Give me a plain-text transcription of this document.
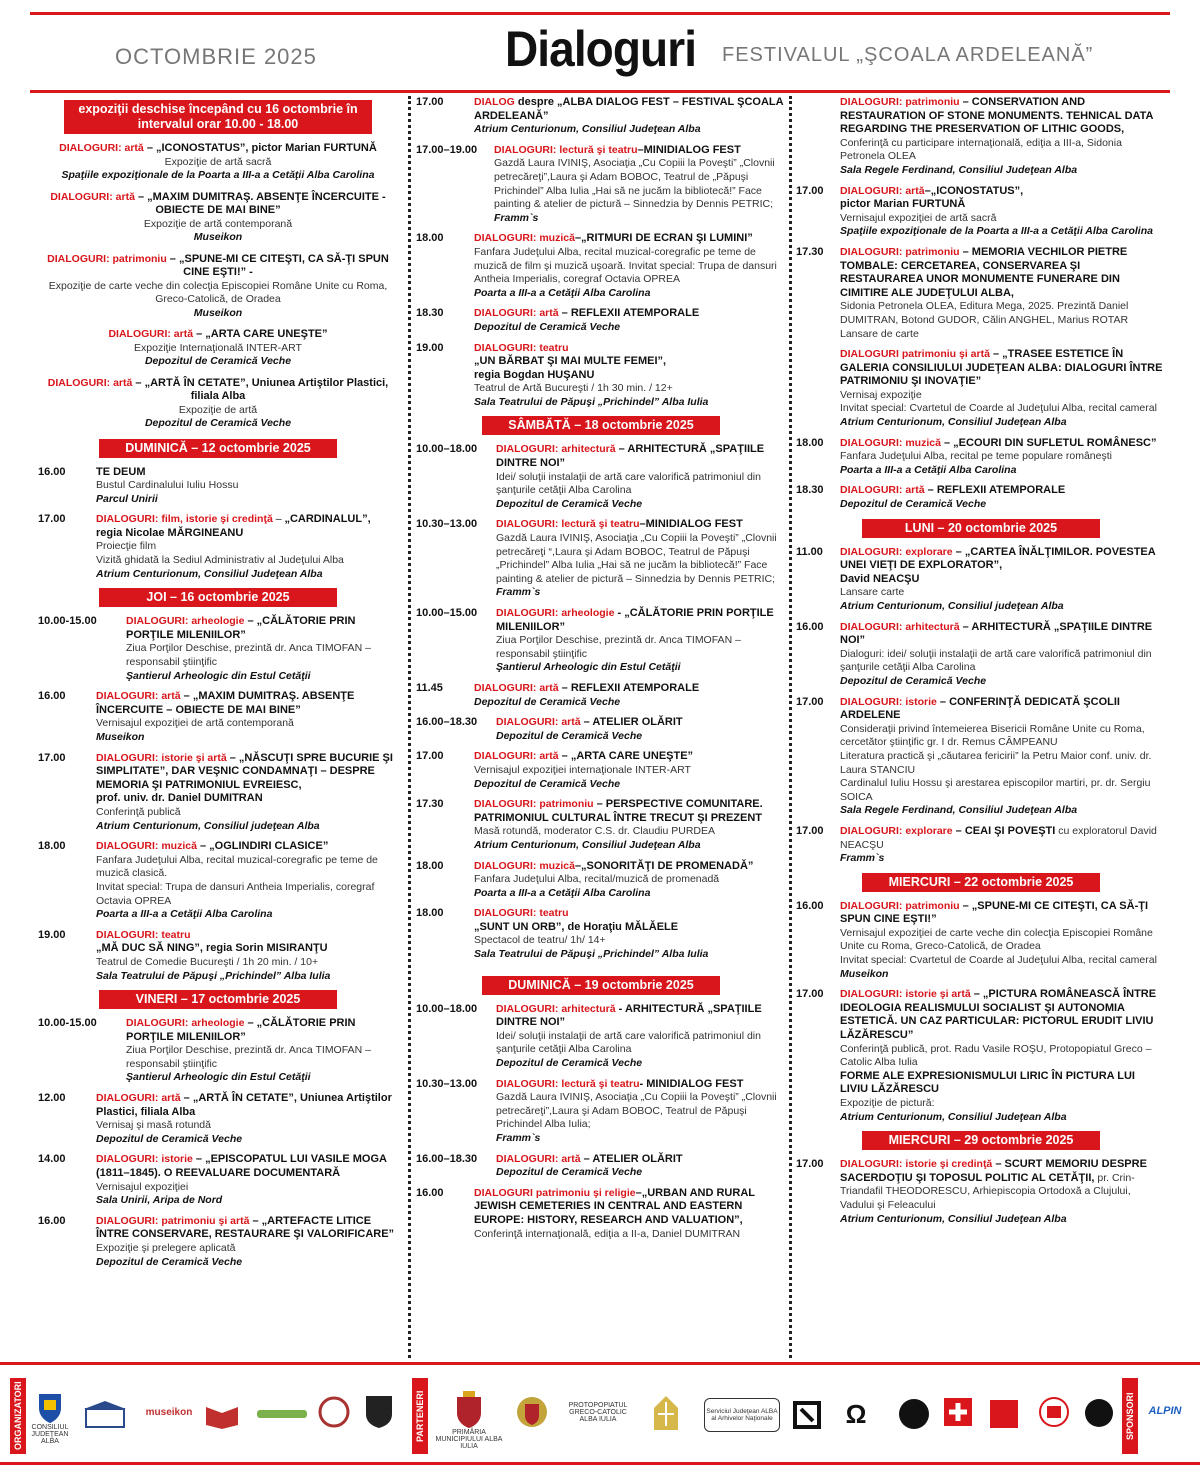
OCTOMBRIE 2025	Dialoguri FESTIVALUL „ŞCOALA ARDELEANĂ”
expoziţii deschise începând cu 16 octombrie în intervalul orar 10.00 - 18.00
DIALOGURI: artă – „ICONOSTATUS”, pictor Marian FURTUNĂ
Expoziţie de artă sacră
Spaţiile expoziţionale de la Poarta a III-a a Cetăţii Alba Carolina
DIALOGURI: artă – „MAXIM DUMITRAŞ. ABSENŢE ÎNCERCUITE - OBIECTE DE MAI BINE”
Expoziţie de artă contemporană
Museikon
DIALOGURI: patrimoniu – „SPUNE-MI CE CITEŞTI, CA SĂ-ŢI SPUN CINE EŞTI!” -
Expoziţie de carte veche din colecţia Episcopiei Române Unite cu Roma, Greco-Catolică, de Oradea
Museikon
DIALOGURI: artă – „ARTA CARE UNEŞTE”
Expoziţie Internaţională INTER-ART
Depozitul de Ceramică Veche
DIALOGURI: artă – „ARTĂ ÎN CETATE”, Uniunea Artiştilor Plastici, filiala Alba
Expoziţie de artă
Depozitul de Ceramică Veche
DUMINICĂ – 12 octombrie 2025
16.00	TE DEUM
Bustul Cardinalului Iuliu Hossu
Parcul Unirii
17.00	DIALOGURI: film, istorie şi credinţă – „CARDINALUL”, regia Nicolae MĂRGINEANU
Proiecţie film
Vizită ghidată la Sediul Administrativ al Judeţului Alba
Atrium Centurionum, Consiliul Judeţean Alba
JOI – 16 octombrie 2025
10.00-15.00	DIALOGURI: arheologie – „CĂLĂTORIE PRIN PORŢILE MILENIILOR”
Ziua Porţilor Deschise, prezintă dr. Anca TIMOFAN – responsabil ştiinţific
Şantierul Arheologic din Estul Cetăţii
16.00	DIALOGURI: artă – „MAXIM DUMITRAŞ. ABSENŢE ÎNCERCUITE – OBIECTE DE MAI BINE”
Vernisajul expoziţiei de artă contemporană
Museikon
17.00	DIALOGURI: istorie şi artă – „NĂSCUŢI SPRE BUCURIE ŞI SIMPLITATE”, DAR VEŞNIC CONDAMNAŢI – DESPRE MEMORIA ŞI PATRIMONIUL EVREIESC,
prof. univ. dr. Daniel DUMITRAN
Conferinţă publică
Atrium Centurionum, Consiliul judeţean Alba
18.00	DIALOGURI: muzică – „OGLINDIRI CLASICE”
Fanfara Judeţului Alba, recital muzical-coregrafic pe teme de muzică clasică.
Invitat special: Trupa de dansuri Antheia Imperialis, coregraf Octavia OPREA
Poarta a III-a a Cetăţii Alba Carolina
19.00	DIALOGURI: teatru
„MĂ DUC SĂ NING”, regia Sorin MISIRANŢU
Teatrul de Comedie Bucureşti / 1h 20 min. / 10+
Sala Teatrului de Păpuşi „Prichindel” Alba Iulia
VINERI – 17 octombrie 2025
10.00-15.00	DIALOGURI: arheologie – „CĂLĂTORIE PRIN PORŢILE MILENIILOR”
Ziua Porţilor Deschise, prezintă dr. Anca TIMOFAN – responsabil ştiinţific
Şantierul Arheologic din Estul Cetăţii
12.00	DIALOGURI: artă – „ARTĂ ÎN CETATE”, Uniunea Artiştilor Plastici, filiala Alba
Vernisaj şi masă rotundă
Depozitul de Ceramică Veche
14.00	DIALOGURI: istorie – „EPISCOPATUL LUI VASILE MOGA (1811–1845). O REEVALUARE DOCUMENTARĂ
Vernisajul expoziţiei
Sala Unirii, Aripa de Nord
16.00	DIALOGURI: patrimoniu şi artă – „ARTEFACTE LITICE ÎNTRE CONSERVARE, RESTAURARE ŞI VALORIFICARE”
Expoziţie şi prelegere aplicată
Depozitul de Ceramică Veche
17.00	DIALOG despre „ALBA DIALOG FEST – FESTIVAL ŞCOALA ARDELEANĂ”
Atrium Centurionum, Consiliul Judeţean Alba
17.00–19.00	DIALOGURI: lectură şi teatru–MINIDIALOG FEST
Gazdă Laura IVINIŞ, Asociaţia „Cu Copiii la Poveşti” „Clovnii petrecăreţi”,Laura şi Adam BOBOC, Teatrul de „Păpuşi Prichindel” Alba Iulia „Hai să ne jucăm la bibliotecă!” Face painting & atelier de pictură – Sinnedzia by Dennis PETRIC;
Framm`s
18.00	DIALOGURI: muzică–„RITMURI DE ECRAN ŞI LUMINI”
Fanfara Judeţului Alba, recital muzical-coregrafic pe teme de muzică de film şi muzică uşoară. Invitat special: Trupa de dansuri Antheia Imperialis, coregraf Octavia OPREA
Poarta a III-a a Cetăţii Alba Carolina
18.30	DIALOGURI: artă – REFLEXII ATEMPORALE
Depozitul de Ceramică Veche
19.00	DIALOGURI: teatru
„UN BĂRBAT ŞI MAI MULTE FEMEI”,
regia Bogdan HUŞANU
Teatrul de Artă Bucureşti / 1h 30 min. / 12+
Sala Teatrului de Păpuşi „Prichindel” Alba Iulia
SÂMBĂTĂ – 18 octombrie 2025
10.00–18.00	DIALOGURI: arhitectură – ARHITECTURĂ „SPAŢIILE DINTRE NOI”
Idei/ soluţii instalaţii de artă care valorifică patrimoniul din şanţurile cetăţii Alba Carolina
Depozitul de Ceramică Veche
10.30–13.00	DIALOGURI: lectură şi teatru–MINIDIALOG FEST
Gazdă Laura IVINIŞ, Asociaţia „Cu Copiii la Poveşti” „Clovnii petrecăreţi “,Laura şi Adam BOBOC, Teatrul de Păpuşi „Prichindel” Alba Iulia „Hai să ne jucăm la bibliotecă!” Face painting & atelier de pictură – Sinnedzia by Dennis PETRIC;
Framm`s
10.00–15.00	DIALOGURI: arheologie - „CĂLĂTORIE PRIN PORŢILE MILENIILOR”
Ziua Porţilor Deschise, prezintă dr. Anca TIMOFAN – responsabil ştiinţific
Şantierul Arheologic din Estul Cetăţii
11.45	DIALOGURI: artă – REFLEXII ATEMPORALE
Depozitul de Ceramică Veche
16.00–18.30	DIALOGURI: artă – ATELIER OLĂRIT
Depozitul de Ceramică Veche
17.00	DIALOGURI: artă – „ARTA CARE UNEŞTE”
Vernisajul expoziţiei internaţionale INTER-ART
Depozitul de Ceramică Veche
17.30	DIALOGURI: patrimoniu – PERSPECTIVE COMUNITARE. PATRIMONIUL CULTURAL ÎNTRE TRECUT ŞI PREZENT
Masă rotundă, moderator C.S. dr. Claudiu PURDEA
Atrium Centurionum, Consiliul Judeţean Alba
18.00	DIALOGURI: muzică–„SONORITĂŢI DE PROMENADĂ”
Fanfara Judeţului Alba, recital/muzică de promenadă
Poarta a III-a a Cetăţii Alba Carolina
18.00	DIALOGURI: teatru
„SUNT UN ORB”, de Horaţiu MĂLĂELE
Spectacol de teatru/ 1h/ 14+
Sala Teatrului de Păpuşi „Prichindel” Alba Iulia
DUMINICĂ – 19 octombrie 2025
10.00–18.00	DIALOGURI: arhitectură - ARHITECTURĂ „SPAŢIILE DINTRE NOI”
Idei/ soluţii instalaţii de artă care valorifică patrimoniul din şanţurile cetăţii Alba Carolina
Depozitul de Ceramică Veche
10.30–13.00	DIALOGURI: lectură şi teatru- MINIDIALOG FEST
Gazdă Laura IVINIŞ, Asociaţia „Cu Copiii la Poveşti” „Clovnii petrecăreţi”,Laura şi Adam BOBOC, Teatrul de Păpuşi Prichindel Alba Iulia;
Framm`s
16.00–18.30	DIALOGURI: artă – ATELIER OLĂRIT
Depozitul de Ceramică Veche
16.00	DIALOGURI patrimoniu şi religie–„URBAN AND RURAL JEWISH CEMETERIES IN CENTRAL AND EASTERN EUROPE: HISTORY, RESEARCH AND VALUATION”,
Conferinţă internaţională, ediţia a II-a, Daniel DUMITRAN
DIALOGURI: patrimoniu – CONSERVATION AND RESTAURATION OF STONE MONUMENTS. TEHNICAL DATA REGARDING THE PRESERVATION OF LITHIC GOODS,
Conferinţă cu participare internaţională, ediţia a III-a, Sidonia Petronela OLEA
Sala Regele Ferdinand, Consiliul Judeţean Alba
17.00	DIALOGURI: artă–„ICONOSTATUS”,
pictor Marian FURTUNĂ
Vernisajul expoziţiei de artă sacră
Spaţiile expoziţionale de la Poarta a III-a a Cetăţii Alba Carolina
17.30	DIALOGURI: patrimoniu – MEMORIA VECHILOR PIETRE TOMBALE: CERCETAREA, CONSERVAREA ŞI RESTAURAREA UNOR MONUMENTE FUNERARE DIN CIMITIRE ALE JUDEŢULUI ALBA,
Sidonia Petronela OLEA, Editura Mega, 2025. Prezintă Daniel DUMITRAN, Botond GUDOR, Călin ANGHEL, Marius ROTAR
Lansare de carte
DIALOGURI patrimoniu şi artă – „TRASEE ESTETICE ÎN GALERIA CONSILIULUI JUDEŢEAN ALBA: DIALOGURI ÎNTRE PATRIMONIU ŞI INOVAŢIE”
Vernisaj expoziţie
Invitat special: Cvartetul de Coarde al Judeţului Alba, recital cameral
Atrium Centurionum, Consiliul Judeţean Alba
18.00	DIALOGURI: muzică – „ECOURI DIN SUFLETUL ROMÂNESC”
Fanfara Judeţului Alba, recital pe teme populare româneşti
Poarta a III-a a Cetăţii Alba Carolina
18.30	DIALOGURI: artă – REFLEXII ATEMPORALE
Depozitul de Ceramică Veche
LUNI – 20 octombrie 2025
11.00	DIALOGURI: explorare – „CARTEA ÎNĂLŢIMILOR. POVESTEA UNEI VIEŢI DE EXPLORATOR”,
David NEACŞU
Lansare carte
Atrium Centurionum, Consiliul judeţean Alba
16.00	DIALOGURI: arhitectură – ARHITECTURĂ „SPAŢIILE DINTRE NOI”
Dialoguri: idei/ soluţii instalaţii de artă care valorifică patrimoniul din şanţurile cetăţii Alba Carolina
Depozitul de Ceramică Veche
17.00	DIALOGURI: istorie – CONFERINŢĂ DEDICATĂ ŞCOLII ARDELENE
Consideraţii privind întemeierea Bisericii Române Unite cu Roma, cercetător ştiinţific gr. I dr. Remus CÂMPEANU
Literatura practică şi „căutarea fericirii” la Petru Maior conf. univ. dr. Laura STANCIU
Cardinalul Iuliu Hossu şi arestarea episcopilor martiri, pr. dr. Sergiu SOICA
Sala Regele Ferdinand, Consiliul Judeţean Alba
17.00	DIALOGURI: explorare – CEAI ŞI POVEŞTI cu exploratorul David NEACŞU
Framm`s
MIERCURI – 22 octombrie 2025
16.00	DIALOGURI: patrimoniu – „SPUNE-MI CE CITEŞTI, CA SĂ-ŢI SPUN CINE EŞTI!”
Vernisajul expoziţiei de carte veche din colecţia Episcopiei Române Unite cu Roma, Greco-Catolică, de Oradea
Invitat special: Cvartetul de Coarde al Judeţului Alba, recital cameral
Museikon
17.00	DIALOGURI: istorie şi artă – „PICTURA ROMÂNEASCĂ ÎNTRE IDEOLOGIA REALISMULUI SOCIALIST ŞI AUTONOMIA ESTETICĂ. UN CAZ PARTICULAR: PICTORUL ERUDIT LIVIU LĂZĂRESCU”
Conferinţă publică, prot. Radu Vasile ROŞU, Protopopiatul Greco – Catolic Alba Iulia
FORME ALE EXPRESIONISMULUI LIRIC ÎN PICTURA LUI LIVIU LĂZĂRESCU
Expoziţie de pictură:
Atrium Centurionum, Consiliul Judeţean Alba
MIERCURI – 29 octombrie 2025
17.00	DIALOGURI: istorie şi credinţă – SCURT MEMORIU DESPRE SACERDOŢIU ŞI TOPOSUL POLITIC AL CETĂŢII, pr. Crin-Triandafil THEODORESCU, Arhiepiscopia Ortodoxă a Clujului, Vadului şi Feleacului
Atrium Centurionum, Consiliul Judeţean Alba
ORGANIZATORI	CONSILIUL JUDEŢEAN ALBA
museikon	PARTENERI	PRIMĂRIA MUNICIPIULUI ALBA IULIA
PROTOPOPIATUL GRECO-CATOLIC ALBA IULIA
Serviciul Judeţean ALBA al Arhivelor Naţionale	Ω	SPONSORI	ALPIN
